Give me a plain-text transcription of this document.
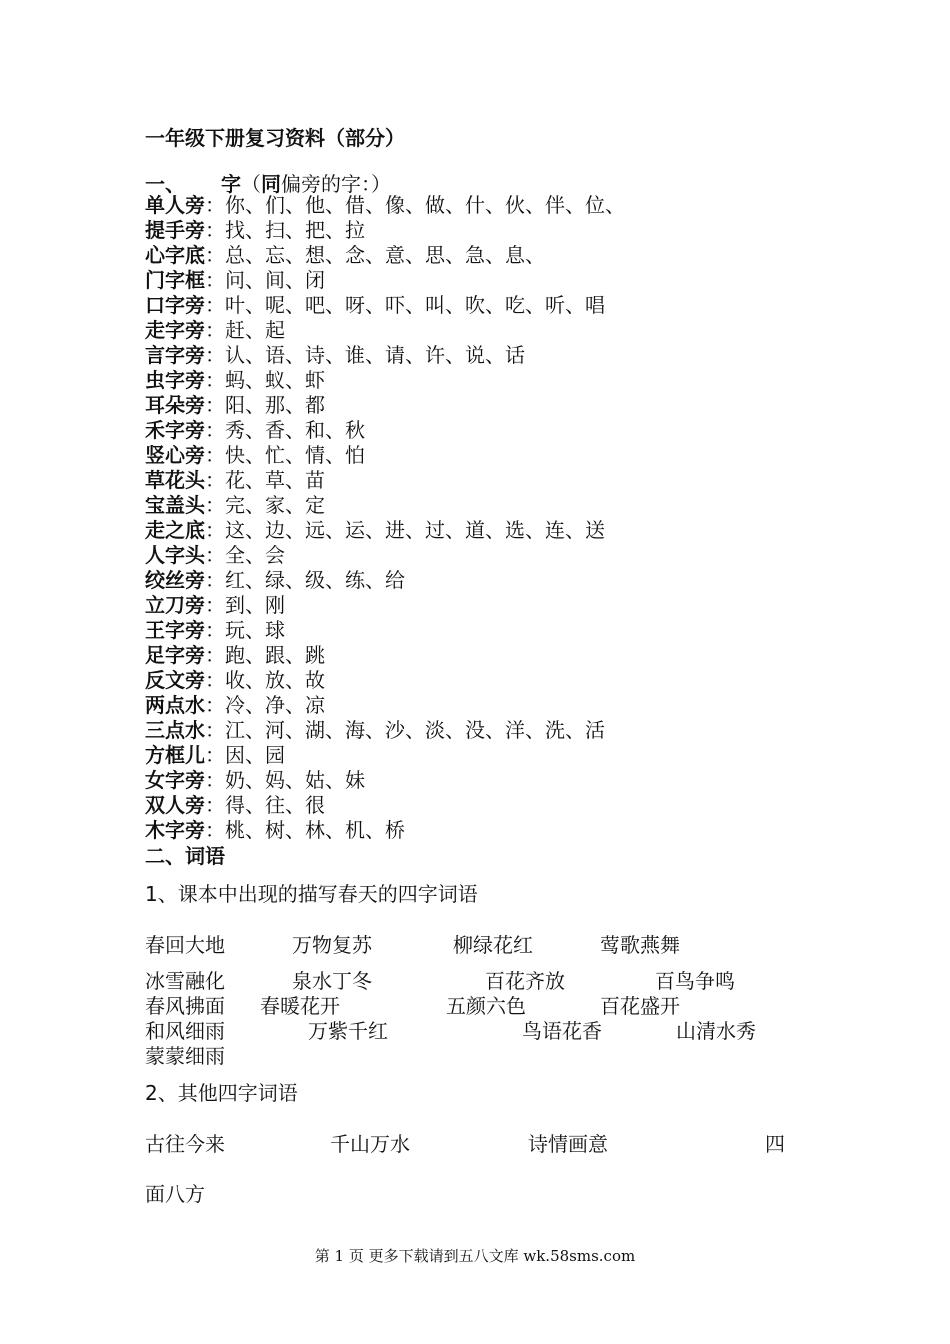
一年级下册复习资料（部分）
一、 字（同偏旁的字：）
单人旁：你、们、他、借、像、做、什、伙、伴、位、
提手旁：找、扫、把、拉
心字底：总、忘、想、念、意、思、急、息、
门字框：问、间、闭
口字旁：叶、呢、吧、呀、吓、叫、吹、吃、听、唱
走字旁：赶、起
言字旁：认、语、诗、谁、请、许、说、话
虫字旁：蚂、蚁、虾
耳朵旁：阳、那、都
禾字旁：秀、香、和、秋
竖心旁：快、忙、情、怕
草花头：花、草、苗
宝盖头：完、家、定
走之底：这、边、远、运、进、过、道、选、连、送
人字头：全、会
绞丝旁：红、绿、级、练、给
立刀旁：到、刚
王字旁：玩、球
足字旁：跑、跟、跳
反文旁：收、放、故
两点水：冷、净、凉
三点水：江、河、湖、海、沙、淡、没、洋、洗、活
方框儿：因、园
女字旁：奶、妈、姑、妹
双人旁：得、往、很
木字旁：桃、树、林、机、桥
二、词语
1、课本中出现的描写春天的四字词语
春回大地	万物复苏	柳绿花红	莺歌燕舞
冰雪融化	泉水丁冬	百花齐放	百鸟争鸣
春风拂面 春暖花开	五颜六色	百花盛开
和风细雨	万紫千红	鸟语花香	山清水秀
蒙蒙细雨
2、其他四字词语
古往今来	千山万水	诗情画意	四
面八方
第 1 页 更多下载请到五八文库 wk.58sms.com
